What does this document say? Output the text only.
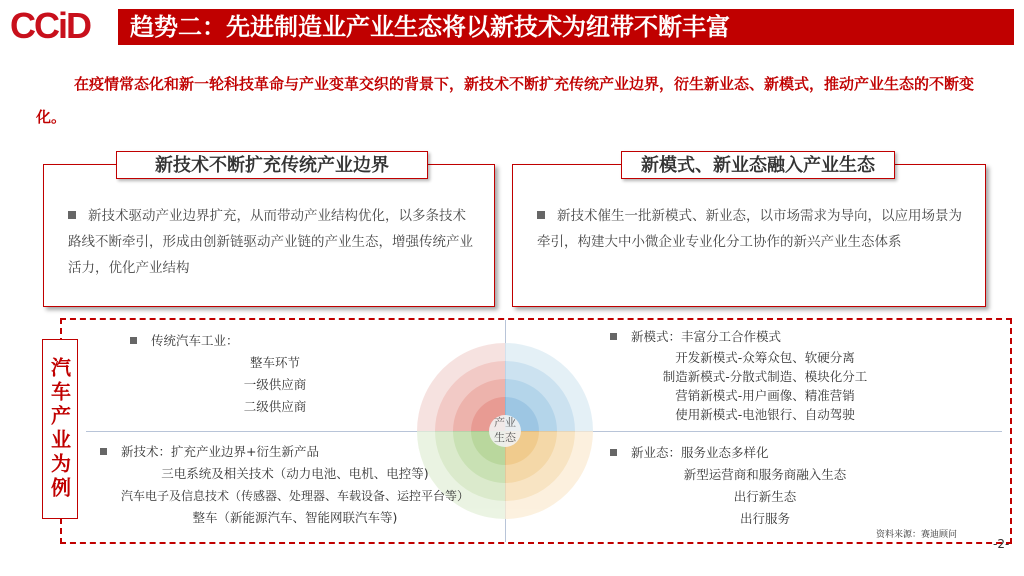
CCiD	趋势二：先进制造业产业生态将以新技术为纽带不断丰富
在疫情常态化和新一轮科技革命与产业变革交织的背景下，新技术不断扩充传统产业边界，衍生新业态、新模式，推动产业生态的不断变化。
新技术不断扩充传统产业边界
新技术驱动产业边界扩充，从而带动产业结构优化，以多条技术路线不断牵引，形成由创新链驱动产业链的产业生态，增强传统产业活力，优化产业结构
新模式、新业态融入产业生态
新技术催生一批新模式、新业态，以市场需求为导向，以应用场景为牵引，构建大中小微企业专业化分工协作的新兴产业生态体系
产业
生态
汽车产业为例
传统汽车工业：
整车环节
一级供应商
二级供应商
新模式：丰富分工合作模式
开发新模式-众筹众包、软硬分离
制造新模式-分散式制造、模块化分工
营销新模式-用户画像、精准营销
使用新模式-电池银行、自动驾驶
新技术：扩充产业边界+衍生新产品
三电系统及相关技术（动力电池、电机、电控等)
汽车电子及信息技术（传感器、处理器、车载设备、运控平台等）
整车（新能源汽车、智能网联汽车等)
新业态：服务业态多样化
新型运营商和服务商融入生态
出行新生态
出行服务
资料来源：赛迪顾问
-2-
